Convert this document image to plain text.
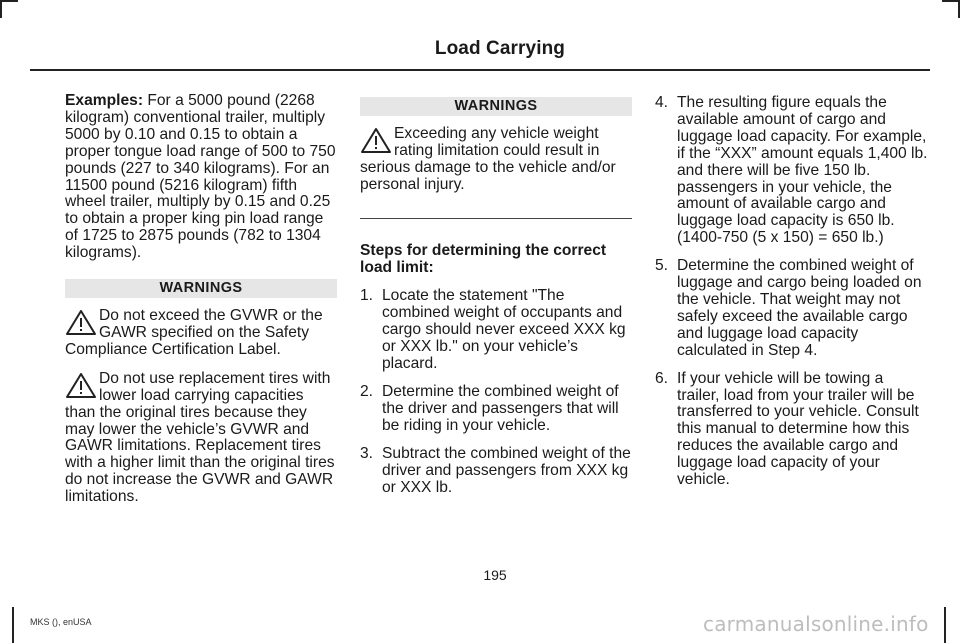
Load Carrying

Examples: For a 5000 pound (2268 kilogram) conventional trailer, multiply 5000 by 0.10 and 0.15 to obtain a proper tongue load range of 500 to 750 pounds (227 to 340 kilograms). For an 11500 pound (5216 kilogram) fifth wheel trailer, multiply by 0.15 and 0.25 to obtain a proper king pin load range of 1725 to 2875 pounds (782 to 1304 kilograms).

WARNINGS
Do not exceed the GVWR or the GAWR specified on the Safety Compliance Certification Label.
Do not use replacement tires with lower load carrying capacities than the original tires because they may lower the vehicle’s GVWR and GAWR limitations. Replacement tires with a higher limit than the original tires do not increase the GVWR and GAWR limitations.
WARNINGS
Exceeding any vehicle weight rating limitation could result in serious damage to the vehicle and/or personal injury.
Steps for determining the correct load limit:
1. Locate the statement "The combined weight of occupants and cargo should never exceed XXX kg or XXX lb." on your vehicle’s placard.
2. Determine the combined weight of the driver and passengers that will be riding in your vehicle.
3. Subtract the combined weight of the driver and passengers from XXX kg or XXX lb.
4. The resulting figure equals the available amount of cargo and luggage load capacity. For example, if the “XXX” amount equals 1,400 lb. and there will be five 150 lb. passengers in your vehicle, the amount of available cargo and luggage load capacity is 650 lb. (1400-750 (5 x 150) = 650 lb.)
5. Determine the combined weight of luggage and cargo being loaded on the vehicle. That weight may not safely exceed the available cargo and luggage load capacity calculated in Step 4.
6. If your vehicle will be towing a trailer, load from your trailer will be transferred to your vehicle. Consult this manual to determine how this reduces the available cargo and luggage load capacity of your vehicle.
195
MKS (), enUSA	carmanualsonline.info
